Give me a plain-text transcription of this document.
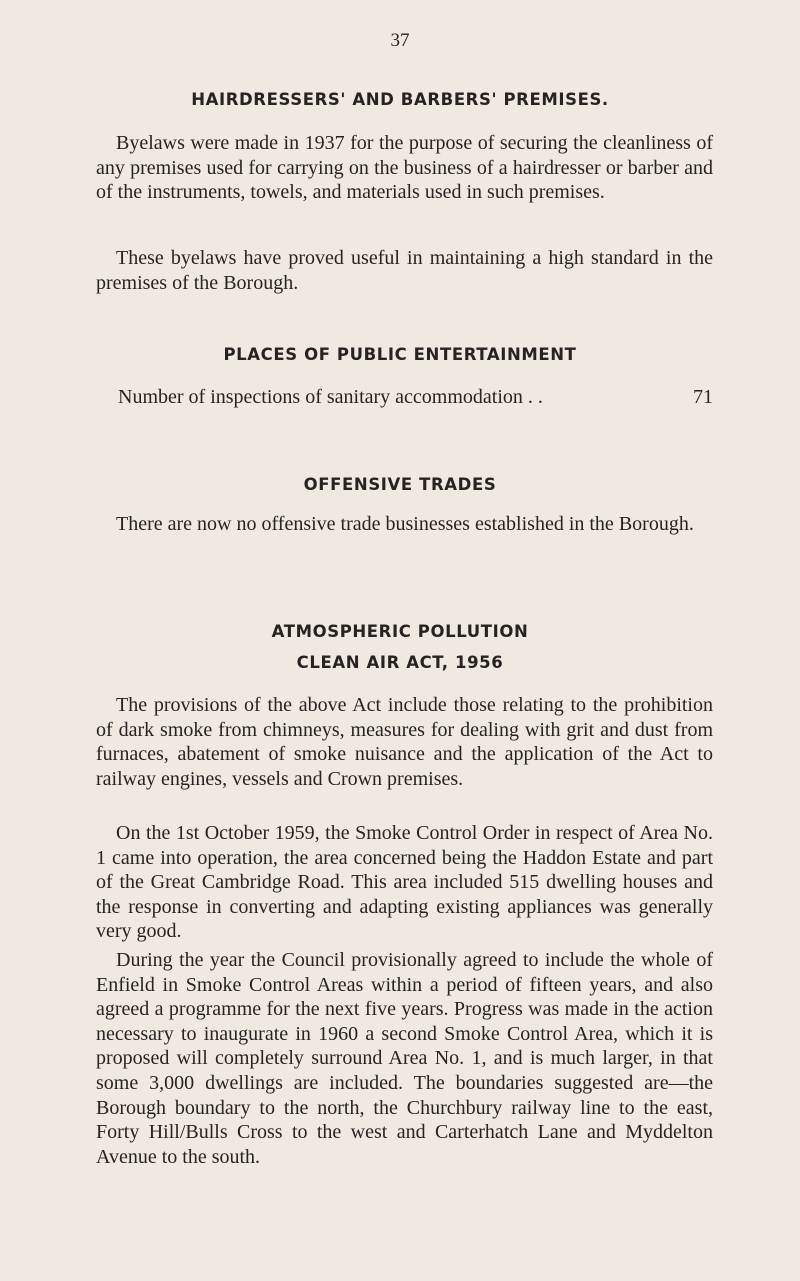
37
HAIRDRESSERS' AND BARBERS' PREMISES.

Byelaws were made in 1937 for the purpose of securing the cleanliness of any premises used for carrying on the business of a hairdresser or barber and of the instruments, towels, and materials used in such premises.

These byelaws have proved useful in maintaining a high standard in the premises of the Borough.

PLACES OF PUBLIC ENTERTAINMENT
Number of inspections of sanitary accommodation . .	71
OFFENSIVE TRADES

There are now no offensive trade businesses established in the Borough.

ATMOSPHERIC POLLUTION
CLEAN AIR ACT, 1956

The provisions of the above Act include those relating to the prohibition of dark smoke from chimneys, measures for dealing with grit and dust from furnaces, abatement of smoke nuisance and the application of the Act to railway engines, vessels and Crown premises.

On the 1st October 1959, the Smoke Control Order in respect of Area No. 1 came into operation, the area concerned being the Haddon Estate and part of the Great Cambridge Road. This area included 515 dwelling houses and the response in converting and adapting existing appliances was generally very good.

During the year the Council provisionally agreed to include the whole of Enfield in Smoke Control Areas within a period of fifteen years, and also agreed a programme for the next five years. Progress was made in the action necessary to inaugurate in 1960 a second Smoke Control Area, which it is proposed will completely surround Area No. 1, and is much larger, in that some 3,000 dwellings are included. The boundaries suggested are—the Borough boundary to the north, the Churchbury railway line to the east, Forty Hill/Bulls Cross to the west and Carterhatch Lane and Myddelton Avenue to the south.
